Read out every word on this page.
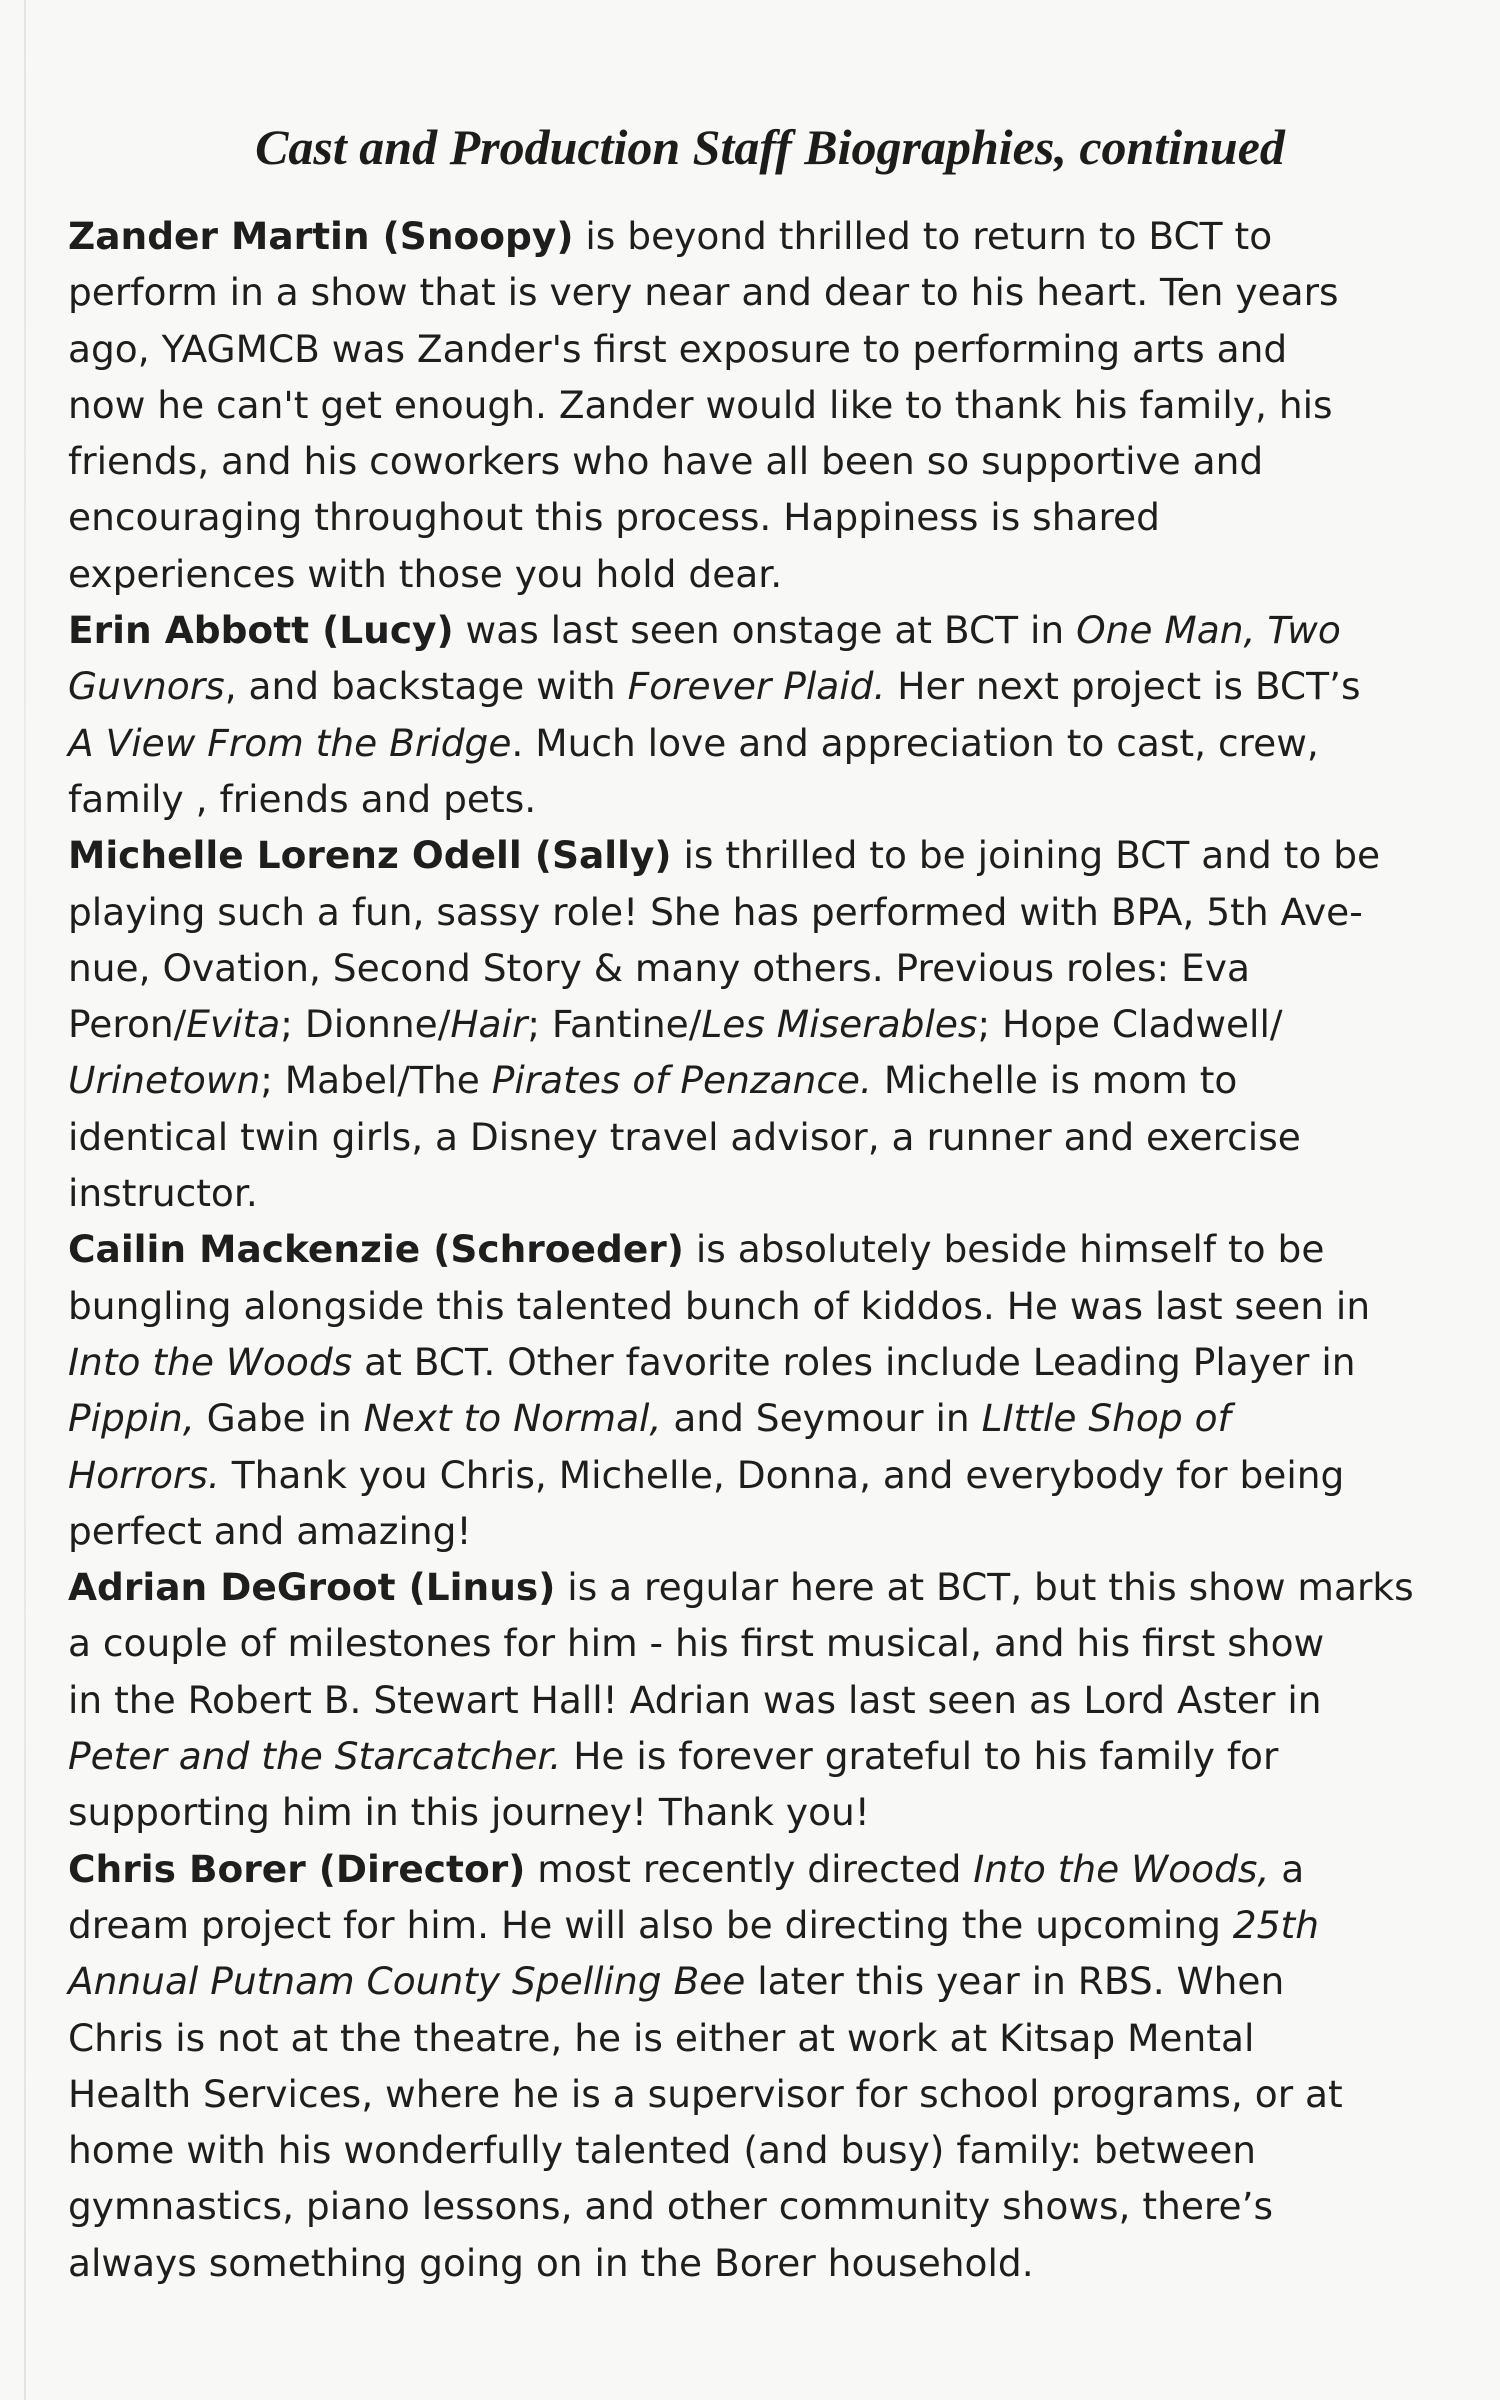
Cast and Production Staff Biographies, continued
Zander Martin (Snoopy) is beyond thrilled to return to BCT to
perform in a show that is very near and dear to his heart. Ten years
ago, YAGMCB was Zander's first exposure to performing arts and
now he can't get enough. Zander would like to thank his family, his
friends, and his coworkers who have all been so supportive and
encouraging throughout this process. Happiness is shared
experiences with those you hold dear.
Erin Abbott (Lucy) was last seen onstage at BCT in One Man, Two
Guvnors, and backstage with Forever Plaid. Her next project is BCT’s
A View From the Bridge. Much love and appreciation to cast, crew,
family , friends and pets.
Michelle Lorenz Odell (Sally) is thrilled to be joining BCT and to be
playing such a fun, sassy role! She has performed with BPA, 5th Ave-
nue, Ovation, Second Story & many others. Previous roles: Eva
Peron/Evita; Dionne/Hair; Fantine/Les Miserables; Hope Cladwell/
Urinetown; Mabel/The Pirates of Penzance. Michelle is mom to
identical twin girls, a Disney travel advisor, a runner and exercise
instructor.
Cailin Mackenzie (Schroeder) is absolutely beside himself to be
bungling alongside this talented bunch of kiddos. He was last seen in
Into the Woods at BCT. Other favorite roles include Leading Player in
Pippin, Gabe in Next to Normal, and Seymour in LIttle Shop of
Horrors. Thank you Chris, Michelle, Donna, and everybody for being
perfect and amazing!
Adrian DeGroot (Linus) is a regular here at BCT, but this show marks
a couple of milestones for him - his first musical, and his first show
in the Robert B. Stewart Hall! Adrian was last seen as Lord Aster in
Peter and the Starcatcher. He is forever grateful to his family for
supporting him in this journey! Thank you!
Chris Borer (Director) most recently directed Into the Woods, a
dream project for him. He will also be directing the upcoming 25th
Annual Putnam County Spelling Bee later this year in RBS. When
Chris is not at the theatre, he is either at work at Kitsap Mental
Health Services, where he is a supervisor for school programs, or at
home with his wonderfully talented (and busy) family: between
gymnastics, piano lessons, and other community shows, there’s
always something going on in the Borer household.
